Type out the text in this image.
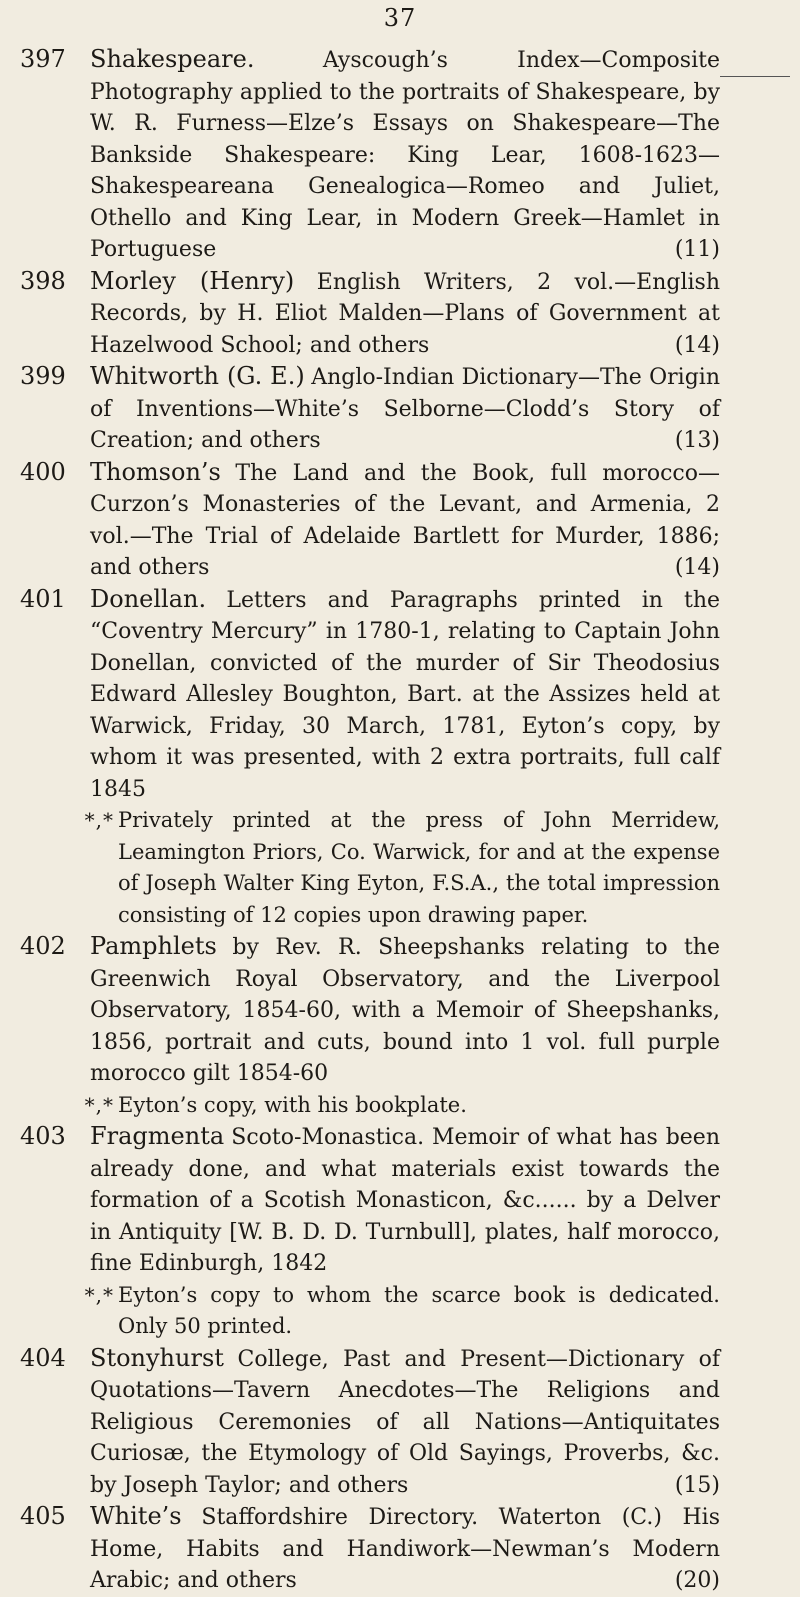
37
397	Shakespeare.	Ayscough’s Index—Composite Photography applied to the portraits of Shakespeare, by W. R. Furness—Elze’s Essays on Shakespeare—The Bankside Shakespeare: King Lear, 1608-1623—Shakespeareana Genealogica—Romeo and Juliet, Othello and King Lear, in Modern Greek—Hamlet in Portuguese	(11)
398	Morley (Henry) English Writers, 2 vol.—English Records, by H. Eliot Malden—Plans of Government at Hazelwood School; and others	(14)
399	Whitworth (G. E.) Anglo-Indian Dictionary—The Origin of Inventions—White’s Selborne—Clodd’s Story of Creation; and others	(13)
400	Thomson’s The Land and the Book, full morocco—Curzon’s Monasteries of the Levant, and Armenia, 2 vol.—The Trial of Adelaide Bartlett for Murder, 1886; and others	(14)
401	Donellan. Letters and Paragraphs printed in the “Coventry Mercury” in 1780-1, relating to Captain John Donellan, convicted of the murder of Sir Theodosius Edward Allesley Boughton, Bart. at the Assizes held at Warwick, Friday, 30 March, 1781, Eyton’s copy, by whom it was presented, with 2 extra portraits, full calf 1845
*,* Privately printed at the press of John Merridew, Leamington Priors, Co. Warwick, for and at the expense of Joseph Walter King Eyton, F.S.A., the total impression consisting of 12 copies upon drawing paper.
402	Pamphlets by Rev. R. Sheepshanks relating to the Greenwich Royal Observatory, and the Liverpool Observatory, 1854-60, with a Memoir of Sheepshanks, 1856, portrait and cuts, bound into 1 vol. full purple morocco gilt 1854-60
*,* Eyton’s copy, with his bookplate.
403	Fragmenta Scoto-Monastica. Memoir of what has been already done, and what materials exist towards the formation of a Scotish Monasticon, &c...... by a Delver in Antiquity [W. B. D. D. Turnbull], plates, half morocco, fine Edinburgh, 1842
*,* Eyton’s copy to whom the scarce book is dedicated. Only 50 printed.
404	Stonyhurst College, Past and Present—Dictionary of Quotations—Tavern Anecdotes—The Religions and Religious Ceremonies of all Nations—Antiquitates Curiosæ, the Etymology of Old Sayings, Proverbs, &c. by Joseph Taylor; and others	(15)
405	White’s Staffordshire Directory. Waterton (C.) His Home, Habits and Handiwork—Newman’s Modern Arabic; and others	(20)
